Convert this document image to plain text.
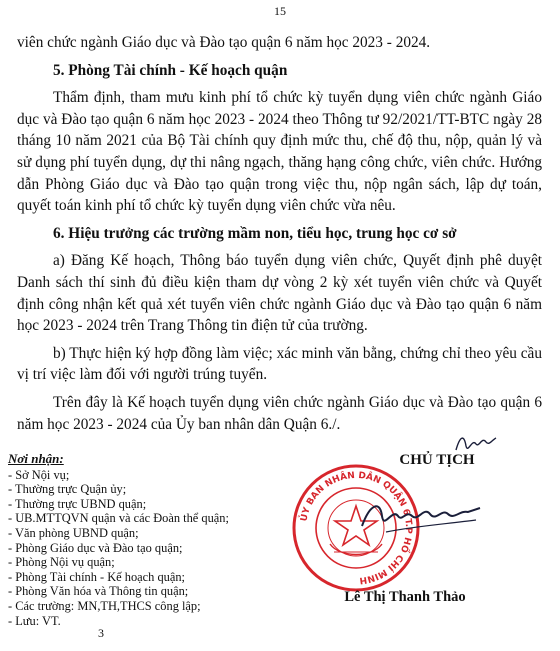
15

viên chức ngành Giáo dục và Đào tạo quận 6 năm học 2023 - 2024.

5. Phòng Tài chính - Kế hoạch quận

Thẩm định, tham mưu kinh phí tổ chức kỳ tuyển dụng viên chức ngành Giáo dục và Đào tạo quận 6 năm học 2023 - 2024 theo Thông tư 92/2021/TT-BTC ngày 28 tháng 10 năm 2021 của Bộ Tài chính quy định mức thu, chế độ thu, nộp, quản lý và sử dụng phí tuyển dụng, dự thi nâng ngạch, thăng hạng công chức, viên chức. Hướng dẫn Phòng Giáo dục và Đào tạo quận trong việc thu, nộp ngân sách, lập dự toán, quyết toán kinh phí tổ chức kỳ tuyển dụng viên chức vừa nêu.

6. Hiệu trưởng các trường mầm non, tiểu học, trung học cơ sở

a) Đăng Kế hoạch, Thông báo tuyển dụng viên chức, Quyết định phê duyệt Danh sách thí sinh đủ điều kiện tham dự vòng 2 kỳ xét tuyển viên chức và Quyết định công nhận kết quả xét tuyển viên chức ngành Giáo dục và Đào tạo quận 6 năm học 2023 - 2024 trên Trang Thông tin điện tử của trường.

b) Thực hiện ký hợp đồng làm việc; xác minh văn bằng, chứng chỉ theo yêu cầu vị trí việc làm đối với người trúng tuyển.

Trên đây là Kế hoạch tuyển dụng viên chức ngành Giáo dục và Đào tạo quận 6 năm học 2023 - 2024 của Ủy ban nhân dân Quận 6./.

Nơi nhận:
- Sở Nội vụ;
- Thường trực Quận ủy;
- Thường trực UBND quận;
- UB.MTTQVN quận và các Đoàn thể quận;
- Văn phòng UBND quận;
- Phòng Giáo dục và Đào tạo quận;
- Phòng Nội vụ quận;
- Phòng Tài chính - Kế hoạch quận;
- Phòng Văn hóa và Thông tin quận;
- Các trường: MN,TH,THCS công lập;
- Lưu: VT.
CHỦ TỊCH
ỦY BAN NHÂN DÂN QUẬN 6 T.P HỒ CHÍ MINH
Lê Thị Thanh Thảo
3
